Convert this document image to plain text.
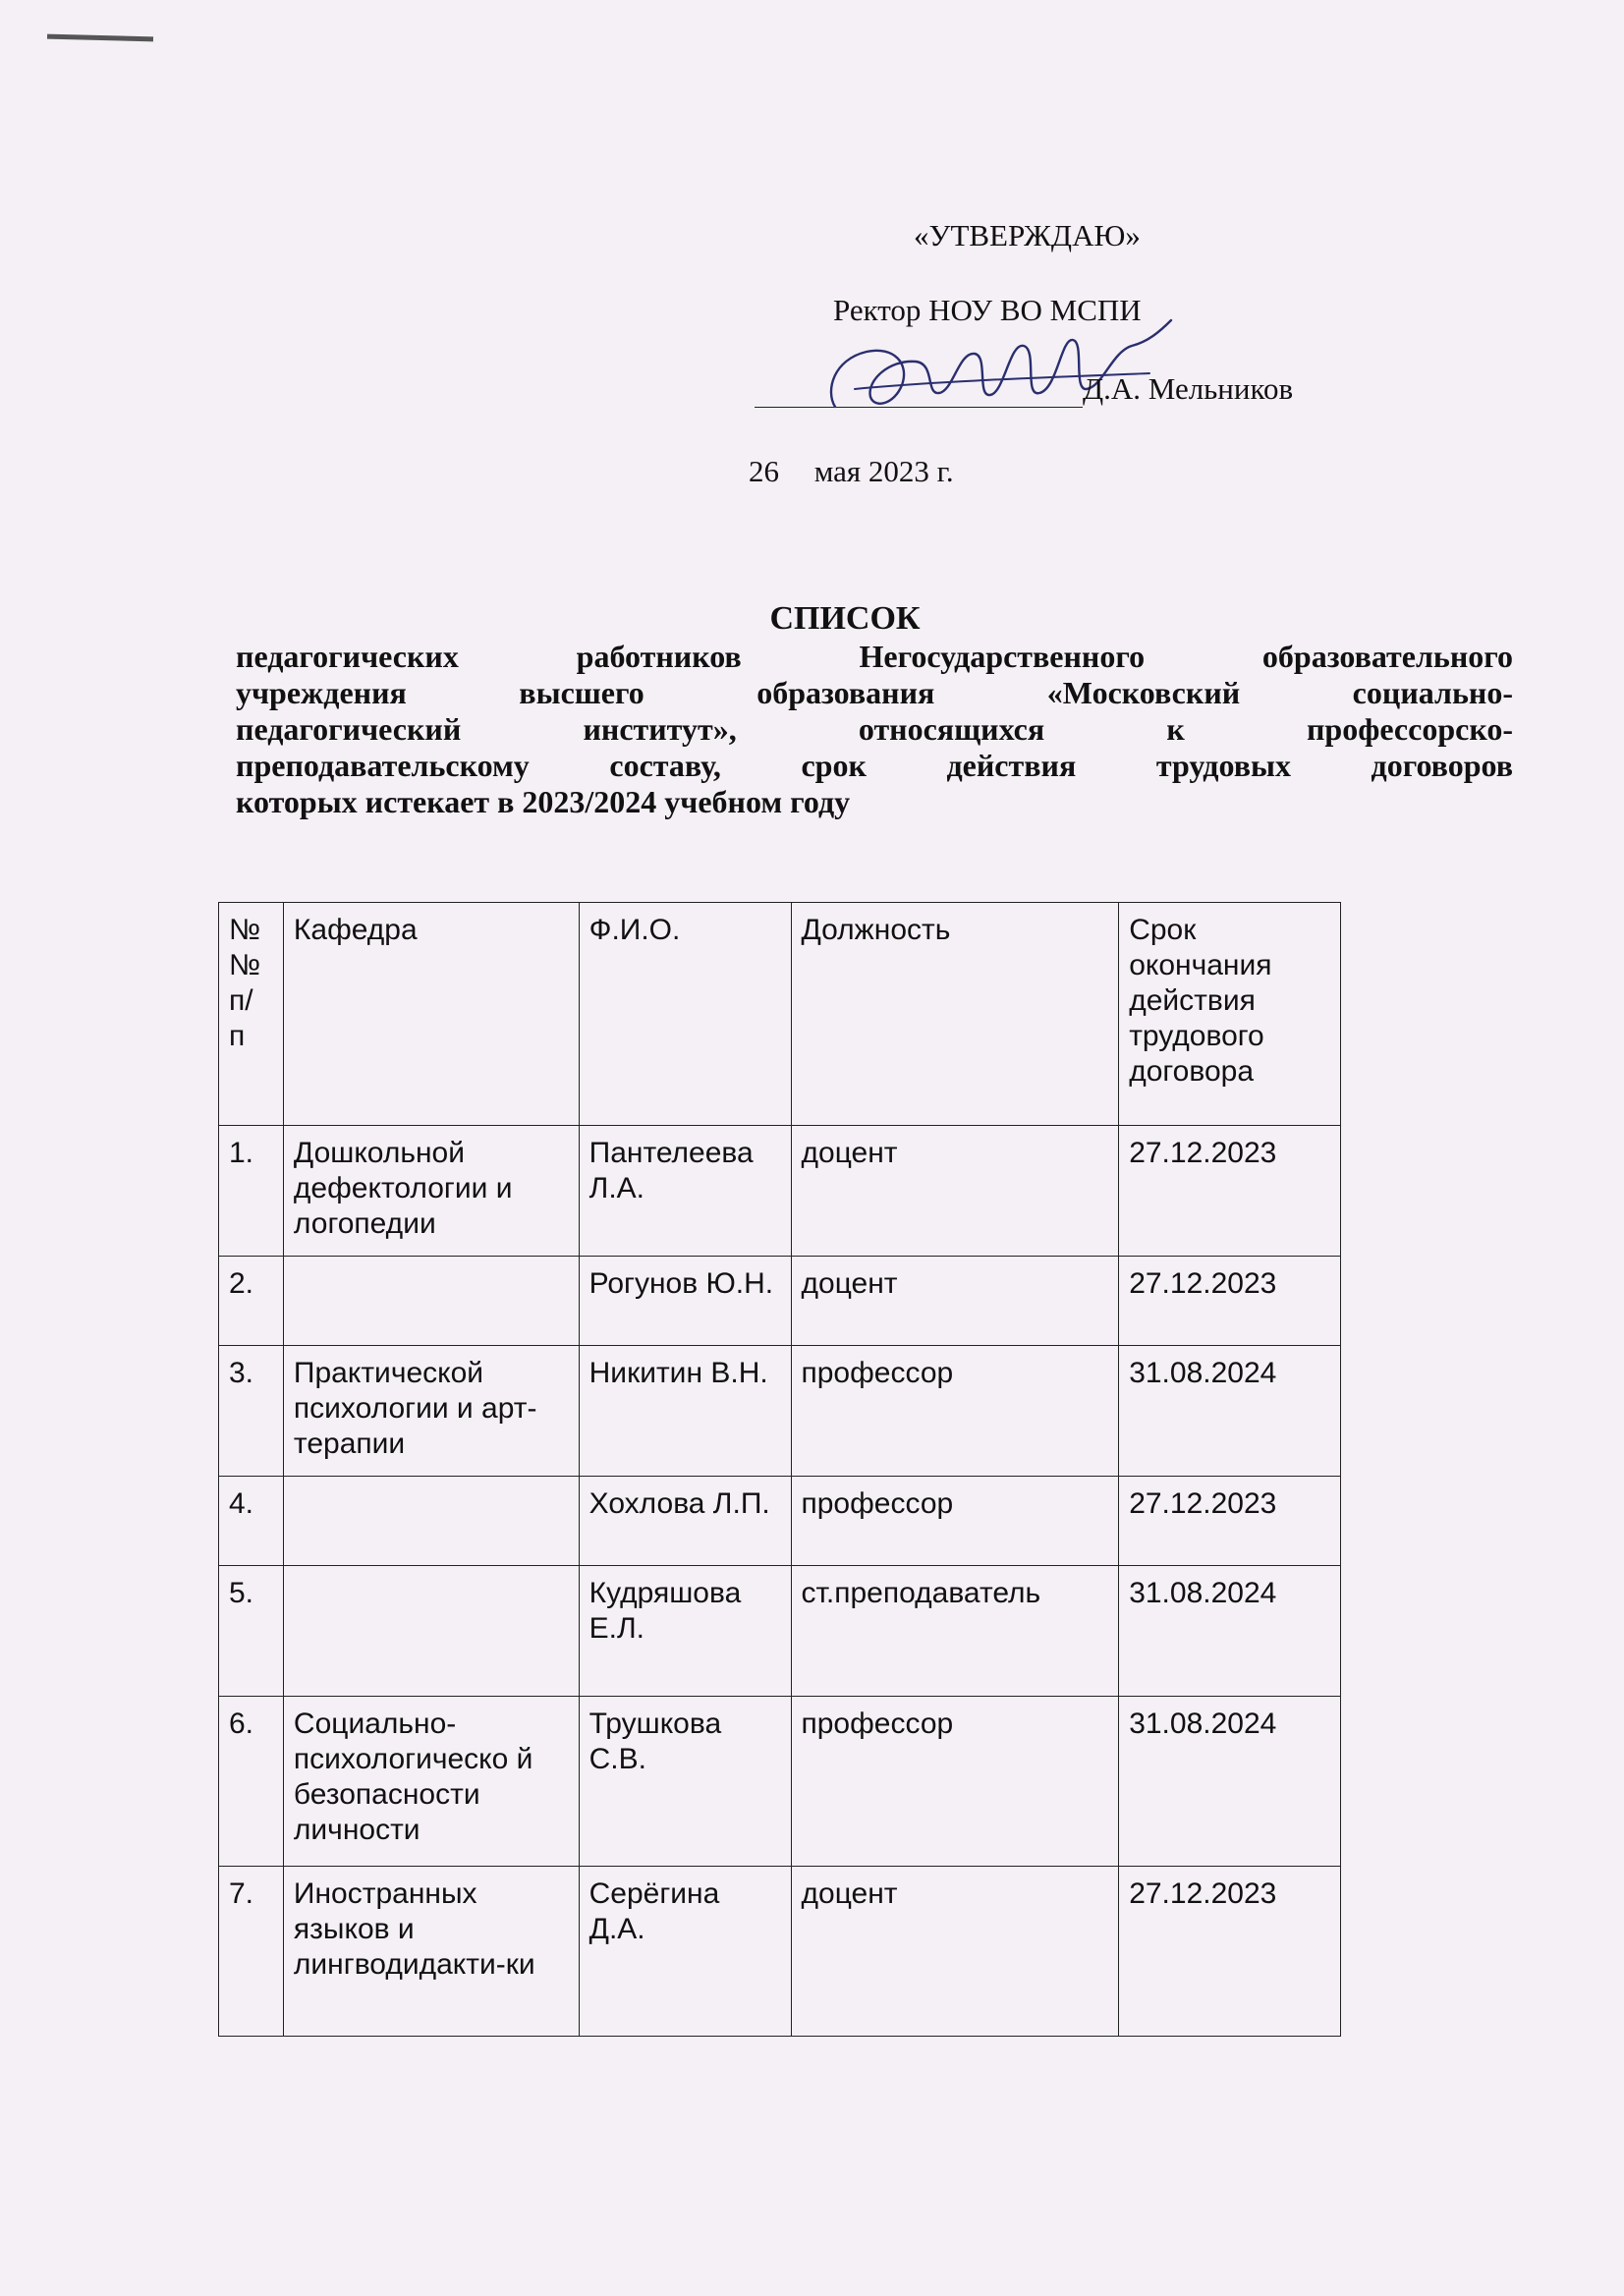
«УТВЕРЖДАЮ»
Ректор НОУ ВО МСПИ
Д.А. Мельников
26 мая 2023 г.
СПИСОК
педагогических работников Негосударственного образовательного
учреждения высшего образования «Московский социально-
педагогический институт», относящихся к профессорско-
преподавательскому составу, срок действия трудовых договоров
которых истекает в 2023/2024 учебном году
№ № п/ п	Кафедра	Ф.И.О.	Должность	Срок окончания действия трудового договора
1.	Дошкольной дефектологии и логопедии	Пантелеева Л.А.	доцент	27.12.2023
2.		Рогунов Ю.Н.	доцент	27.12.2023
3.	Практической психологии и арт-терапии	Никитин В.Н.	профессор	31.08.2024
4.		Хохлова Л.П.	профессор	27.12.2023
5.		Кудряшова Е.Л.	ст.преподаватель	31.08.2024
6.	Социально-психологическо й безопасности личности	Трушкова С.В.	профессор	31.08.2024
7.	Иностранных языков и лингводидакти-ки	Серёгина Д.А.	доцент	27.12.2023
